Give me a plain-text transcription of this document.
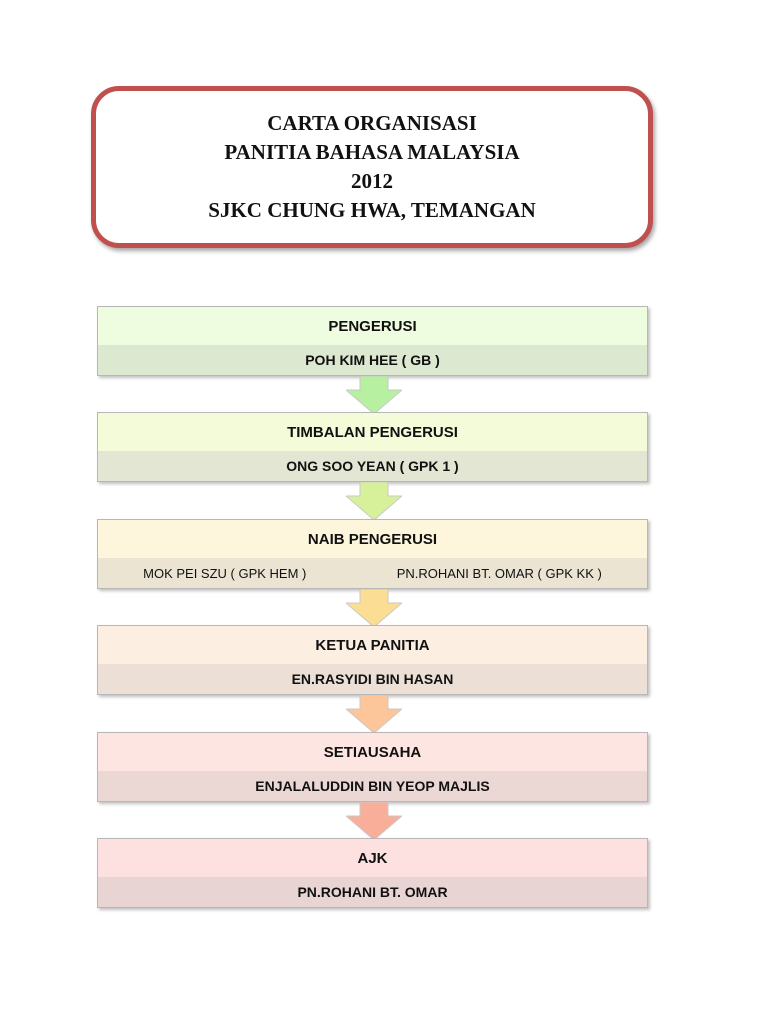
CARTA ORGANISASI
PANITIA BAHASA MALAYSIA
2012
SJKC CHUNG HWA, TEMANGAN
PENGERUSI
POH KIM HEE ( GB )
TIMBALAN PENGERUSI
ONG SOO YEAN ( GPK 1 )
NAIB PENGERUSI
MOK PEI SZU ( GPK HEM )	PN.ROHANI BT. OMAR ( GPK KK )
KETUA PANITIA
EN.RASYIDI BIN HASAN
SETIAUSAHA
ENJALALUDDIN BIN YEOP MAJLIS
AJK
PN.ROHANI BT. OMAR
